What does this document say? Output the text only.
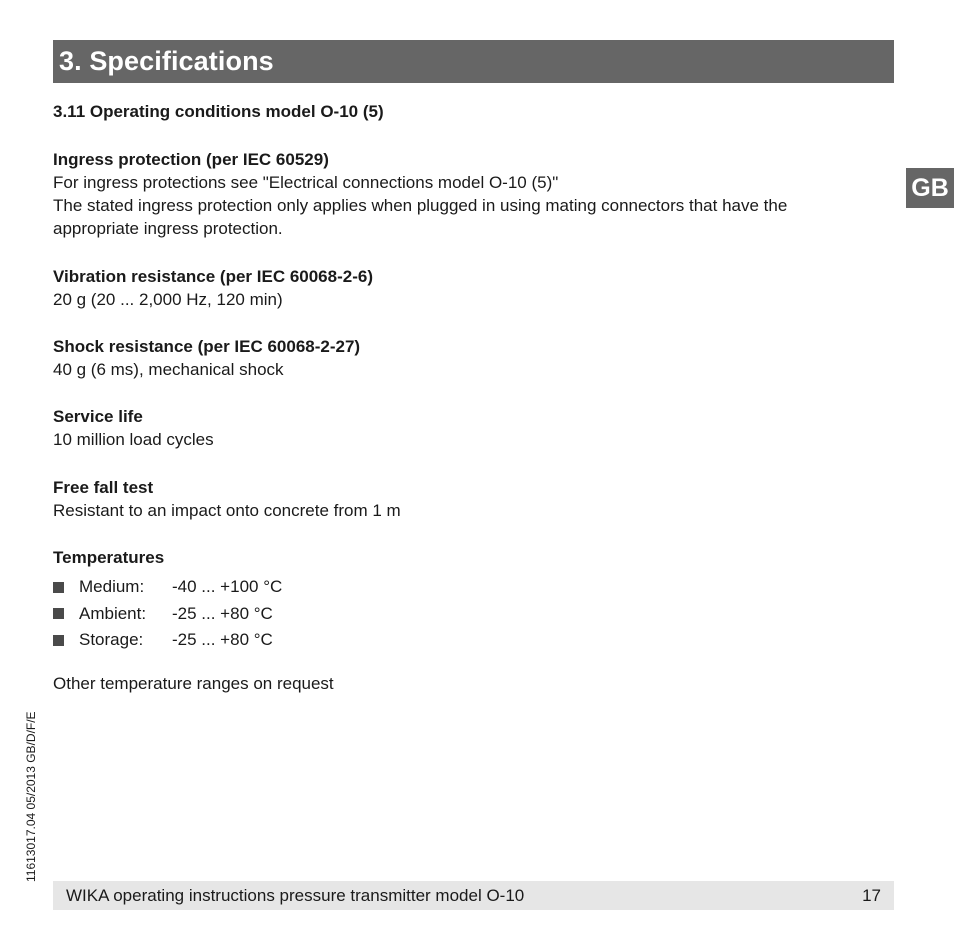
3. Specifications
GB

3.11 Operating conditions model O-10 (5)

Ingress protection (per IEC 60529)
For ingress protections see "Electrical connections model O-10 (5)"
The stated ingress protection only applies when plugged in using mating connectors that have the
appropriate ingress protection.
Vibration resistance (per IEC 60068-2-6)
20 g (20 ... 2,000 Hz, 120 min)
Shock resistance (per IEC 60068-2-27)
40 g (6 ms), mechanical shock
Service life
10 million load cycles
Free fall test
Resistant to an impact onto concrete from 1 m
Temperatures
Medium:	-40 ... +100 °C
Ambient:	-25 ... +80 °C
Storage:	-25 ... +80 °C
Other temperature ranges on request
11613017.04 05/2013 GB/D/F/E
WIKA operating instructions pressure transmitter model O-10	17
